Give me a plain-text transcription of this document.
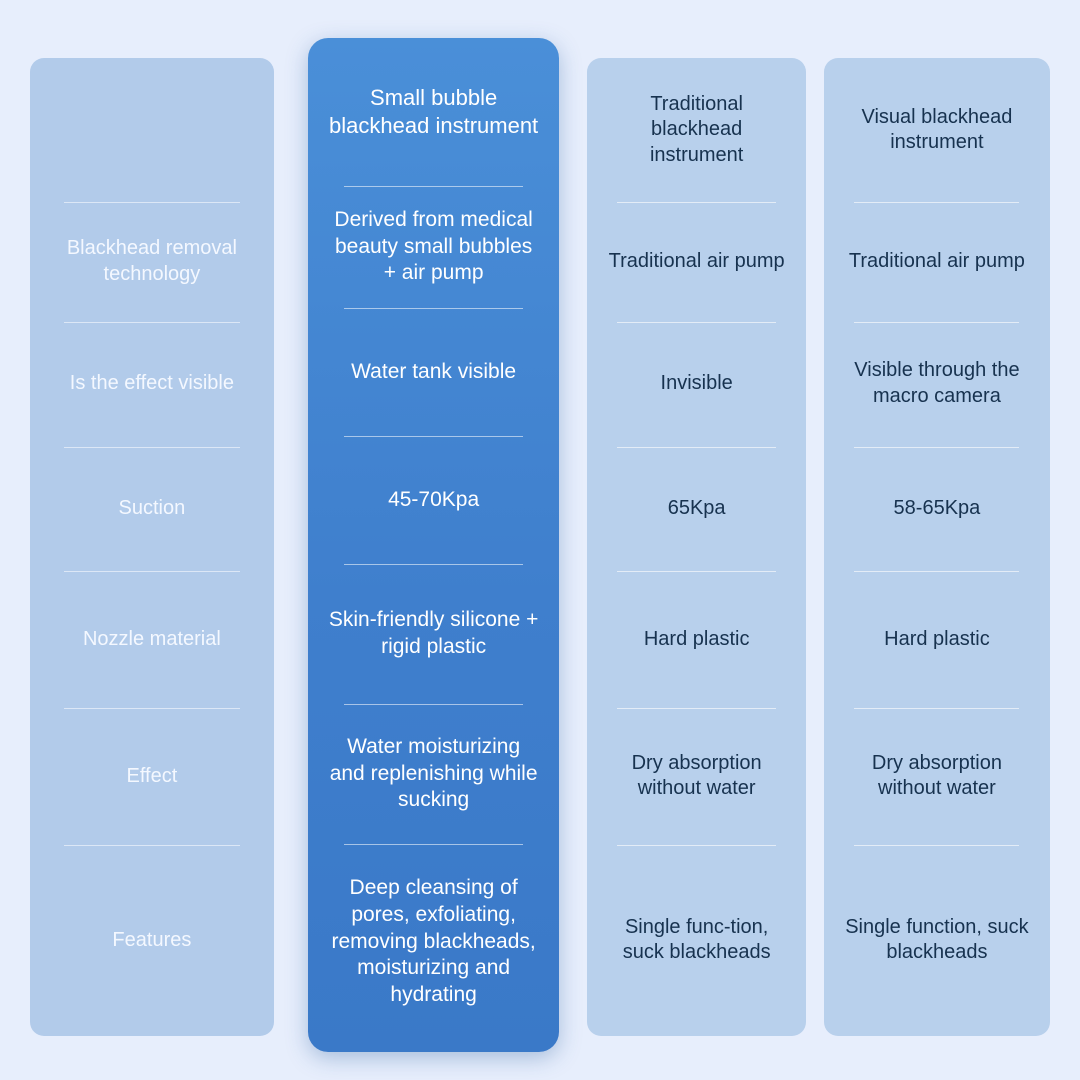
Blackhead removal technology
Is the effect visible
Suction
Nozzle material
Effect
Features
Small bubble blackhead instrument
Derived from medical beauty small bubbles + air pump
Water tank visible
45-70Kpa
Skin-friendly silicone + rigid plastic
Water moisturizing and replenishing while sucking
Deep cleansing of pores, exfoliating, removing blackheads, moisturizing and hydrating
Traditional blackhead instrument
Traditional air pump
Invisible
65Kpa
Hard plastic
Dry absorption without water
Single func-tion, suck blackheads
Visual blackhead instrument
Traditional air pump
Visible through the macro camera
58-65Kpa
Hard plastic
Dry absorption without water
Single function, suck blackheads
